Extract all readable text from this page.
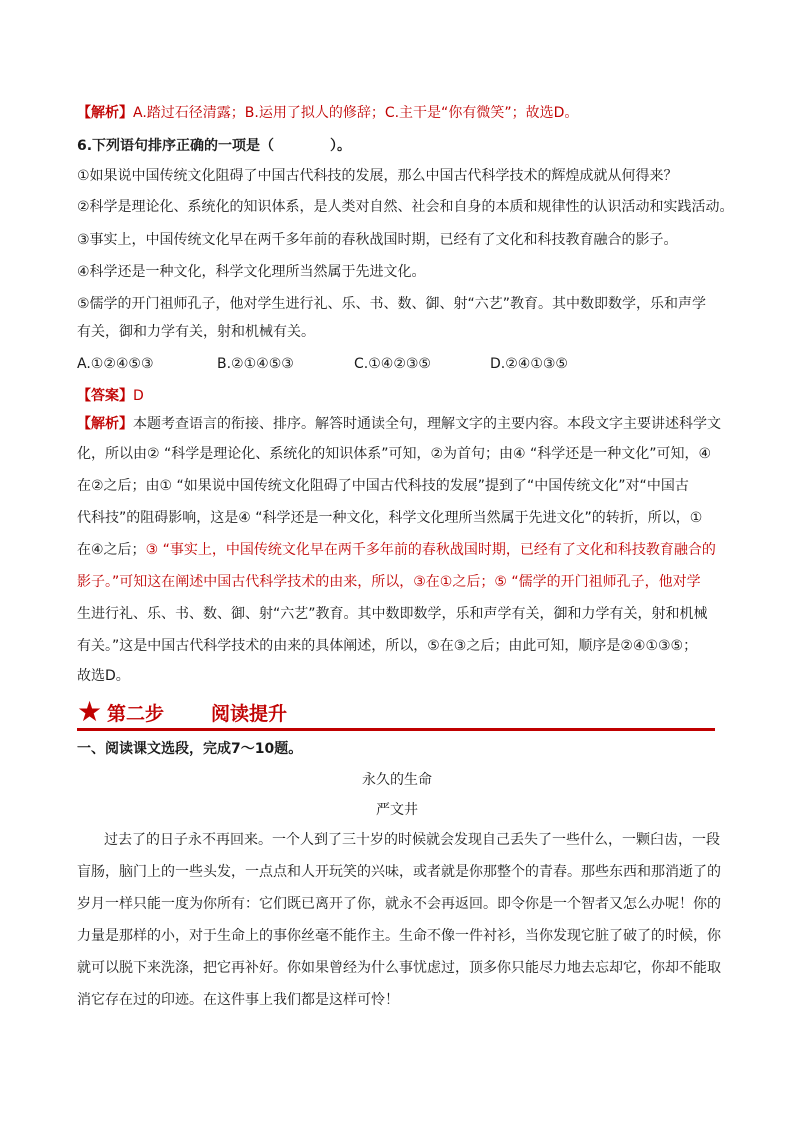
【解析】A.踏过石径清露；B.运用了拟人的修辞；C.主干是“你有微笑”；故选D。
6.下列语句排序正确的一项是（　　　　）。
①如果说中国传统文化阻碍了中国古代科技的发展，那么中国古代科学技术的辉煌成就从何得来？
②科学是理论化、系统化的知识体系，是人类对自然、社会和自身的本质和规律性的认识活动和实践活动。
③事实上，中国传统文化早在两千多年前的春秋战国时期，已经有了文化和科技教育融合的影子。
④科学还是一种文化，科学文化理所当然属于先进文化。
⑤儒学的开门祖师孔子，他对学生进行礼、乐、书、数、御、射“六艺”教育。其中数即数学，乐和声学
有关，御和力学有关，射和机械有关。
A.①②④⑤③	B.②①④⑤③	C.①④②③⑤	D.②④①③⑤
【答案】D
【解析】本题考查语言的衔接、排序。解答时通读全句，理解文字的主要内容。本段文字主要讲述科学文
化，所以由② “科学是理论化、系统化的知识体系”可知，②为首句；由④ “科学还是一种文化”可知，④
在②之后；由① “如果说中国传统文化阻碍了中国古代科技的发展”提到了“中国传统文化”对“中国古
代科技”的阻碍影响，这是④ “科学还是一种文化，科学文化理所当然属于先进文化”的转折，所以，①
在④之后；③ “事实上，中国传统文化早在两千多年前的春秋战国时期，已经有了文化和科技教育融合的
影子。”可知这在阐述中国古代科学技术的由来，所以，③在①之后；⑤ “儒学的开门祖师孔子，他对学
生进行礼、乐、书、数、御、射“六艺”教育。其中数即数学，乐和声学有关，御和力学有关，射和机械
有关。”这是中国古代科学技术的由来的具体阐述，所以，⑤在③之后；由此可知，顺序是②④①③⑤；
故选D。
★ 第二步 阅读提升
一、阅读课文选段，完成7～10题。
永久的生命
严文井
过去了的日子永不再回来。一个人到了三十岁的时候就会发现自己丢失了一些什么，一颗臼齿，一段
盲肠，脑门上的一些头发，一点点和人开玩笑的兴味，或者就是你那整个的青春。那些东西和那消逝了的
岁月一样只能一度为你所有：它们既已离开了你，就永不会再返回。即令你是一个智者又怎么办呢！你的
力量是那样的小，对于生命上的事你丝毫不能作主。生命不像一件衬衫，当你发现它脏了破了的时候，你
就可以脱下来洗涤，把它再补好。你如果曾经为什么事忧虑过，顶多你只能尽力地去忘却它，你却不能取
消它存在过的印迹。在这件事上我们都是这样可怜！
